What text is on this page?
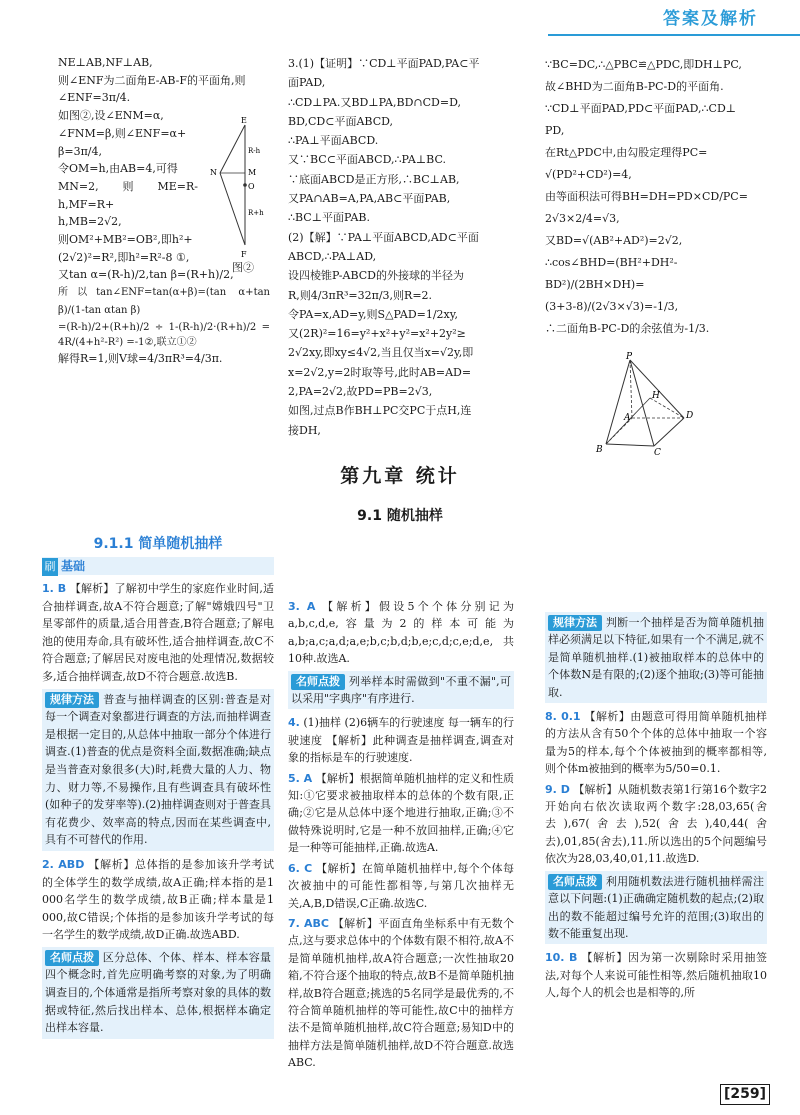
答案及解析

NE⊥AB,NF⊥AB,

则∠ENF为二面角E-AB-F的平面角,则

∠ENF=3π/4.

如图②,设∠ENM=α,

∠FNM=β,则∠ENF=α+

β=3π/4,

令OM=h,由AB=4,可得

MN=2,则ME=R-h,MF=R+

h,MB=2√2,

则OM²+MB²=OB²,即h²+

(2√2)²=R²,即h²=R²-8 ①,

又tan α=(R-h)/2,tan β=(R+h)/2,

所以tan∠ENF=tan(α+β)=(tan α+tan β)/(1-tan αtan β)

=(R-h)/2+(R+h)/2 ÷ 1-(R-h)/2·(R+h)/2 = 4R/(4+h²-R²) =-1②,联立①②

解得R=1,则V球=4/3πR³=4/3π.

E
R-h
M
N
O
R+h
F
图②

3.(1)【证明】∵CD⊥平面PAD,PA⊂平

面PAD,

∴CD⊥PA.又BD⊥PA,BD∩CD=D,

BD,CD⊂平面ABCD,

∴PA⊥平面ABCD.

又∵BC⊂平面ABCD,∴PA⊥BC.

∵底面ABCD是正方形,∴BC⊥AB,

又PA∩AB=A,PA,AB⊂平面PAB,

∴BC⊥平面PAB.

(2)【解】∵PA⊥平面ABCD,AD⊂平面

ABCD,∴PA⊥AD,

设四棱锥P-ABCD的外接球的半径为

R,则4/3πR³=32π/3,则R=2.

令PA=x,AD=y,则S△PAD=1/2xy,

又(2R)²=16=y²+x²+y²=x²+2y²≥

2√2xy,即xy≤4√2,当且仅当x=√2y,即

x=2√2,y=2时取等号,此时AB=AD=

2,PA=2√2,故PD=PB=2√3,

如图,过点B作BH⊥PC交PC于点H,连

接DH,

∵BC=DC,∴△PBC≌△PDC,即DH⊥PC,

故∠BHD为二面角B-PC-D的平面角.

∵CD⊥平面PAD,PD⊂平面PAD,∴CD⊥

PD,

在Rt△PDC中,由勾股定理得PC=

√(PD²+CD²)=4,

由等面积法可得BH=DH=PD×CD/PC=

2√3×2/4=√3,

又BD=√(AB²+AD²)=2√2,

∴cos∠BHD=(BH²+DH²-BD²)/(2BH×DH)=

(3+3-8)/(2√3×√3)=-1/3,

∴二面角B-PC-D的余弦值为-1/3.

P
H
A	D
B	C
第九章 统计
9.1 随机抽样
9.1.1 简单随机抽样
刷 基础

1. B 【解析】了解初中学生的家庭作业时间,适合抽样调查,故A不符合题意;了解"嫦娥四号"卫星零部件的质量,适合用普查,B符合题意;了解电池的使用寿命,具有破坏性,适合抽样调查,故C不符合题意;了解居民对废电池的处理情况,数据较多,适合抽样调查,故D不符合题意.故选B.

规律方法 普查与抽样调查的区别:普查是对每一个调查对象都进行调查的方法,而抽样调查是根据一定目的,从总体中抽取一部分个体进行调查.(1)普查的优点是资料全面,数据准确;缺点是当普查对象很多(大)时,耗费大量的人力、物力、财力等,不易操作,且有些调查具有破坏性(如种子的发芽率等).(2)抽样调查则对于普查具有花费少、效率高的特点,因而在某些调查中,具有不可替代的作用.

2. ABD 【解析】总体指的是参加该升学考试的全体学生的数学成绩,故A正确;样本指的是1 000名学生的数学成绩,故B正确;样本量是1 000,故C错误;个体指的是参加该升学考试的每一名学生的数学成绩,故D正确.故选ABD.

名师点拨 区分总体、个体、样本、样本容量四个概念时,首先应明确考察的对象,为了明确调查目的,个体通常是指所考察对象的具体的数据或特征,然后找出样本、总体,根据样本确定出样本容量.

3. A 【解析】假设5个个体分别记为a,b,c,d,e,容量为2的样本可能为a,b;a,c;a,d;a,e;b,c;b,d;b,e;c,d;c,e;d,e,共10种.故选A.

名师点拨 列举样本时需做到"不重不漏",可以采用"字典序"有序进行.

4. (1)抽样 (2)6辆车的行驶速度 每一辆车的行驶速度 【解析】此种调查是抽样调查,调查对象的指标是车的行驶速度.

5. A 【解析】根据简单随机抽样的定义和性质知:①它要求被抽取样本的总体的个数有限,正确;②它是从总体中逐个地进行抽取,正确;③不做特殊说明时,它是一种不放回抽样,正确;④它是一种等可能抽样,正确.故选A.

6. C 【解析】在简单随机抽样中,每个个体每次被抽中的可能性都相等,与第几次抽样无关,A,B,D错误,C正确.故选C.

7. ABC 【解析】平面直角坐标系中有无数个点,这与要求总体中的个体数有限不相符,故A不是简单随机抽样,故A符合题意;一次性抽取20箱,不符合逐个抽取的特点,故B不是简单随机抽样,故B符合题意;挑选的5名同学是最优秀的,不符合简单随机抽样的等可能性,故C中的抽样方法不是简单随机抽样,故C符合题意;易知D中的抽样方法是简单随机抽样,故D不符合题意.故选ABC.

规律方法 判断一个抽样是否为简单随机抽样必须满足以下特征,如果有一个不满足,就不是简单随机抽样.(1)被抽取样本的总体中的个体数N是有限的;(2)逐个抽取;(3)等可能抽取.

8. 0.1 【解析】由题意可得用简单随机抽样的方法从含有50个个体的总体中抽取一个容量为5的样本,每个个体被抽到的概率都相等,则个体m被抽到的概率为5/50=0.1.

9. D 【解析】从随机数表第1行第16个数字2开始向右依次读取两个数字:28,03,65(舍去),67(舍去),52(舍去),40,44(舍去),01,85(舍去),11.所以选出的5个问题编号依次为28,03,40,01,11.故选D.

名师点拨 利用随机数法进行随机抽样需注意以下问题:(1)正确确定随机数的起点;(2)取出的数不能超过编号允许的范围;(3)取出的数不能重复出现.

10. B 【解析】因为第一次剔除时采用抽签法,对每个人来说可能性相等,然后随机抽取10人,每个人的机会也是相等的,所

[259]
